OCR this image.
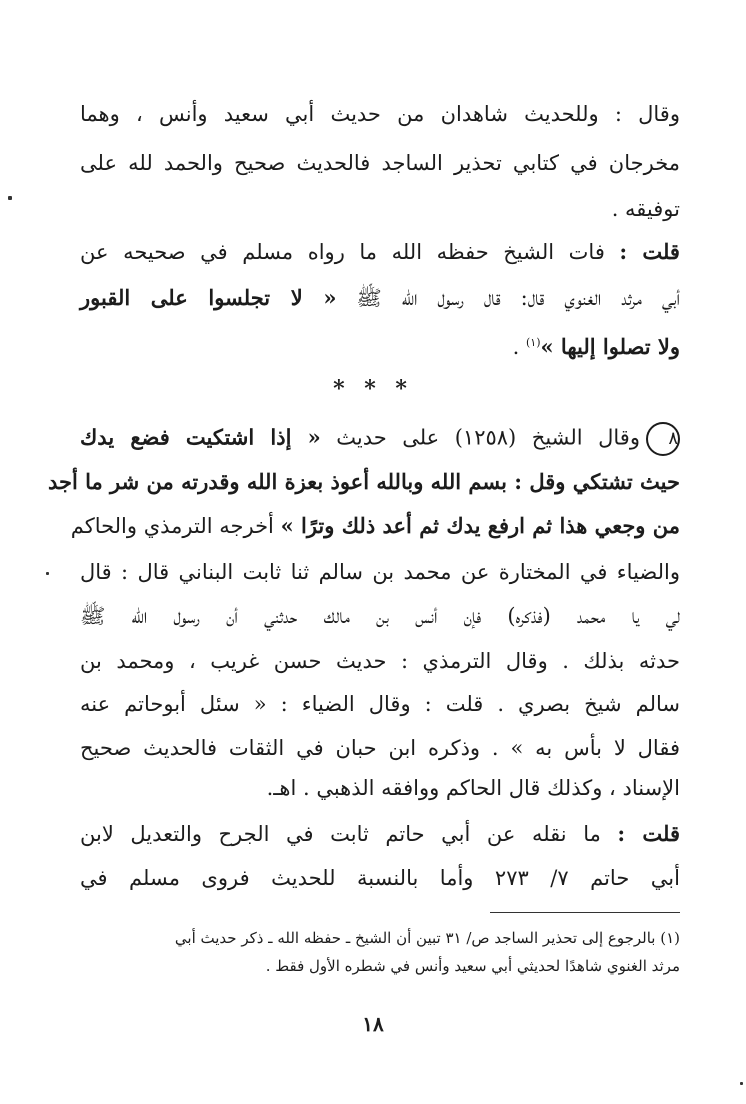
وقال : وللحديث شاهدان من حديث أبي سعيد وأنس ، وهما
مخرجان في كتابي تحذير الساجد فالحديث صحيح والحمد لله على
توفيقه .
قلت : فات الشيخ حفظه الله ما رواه مسلم في صحيحه عن
أبي مرثد الغنوي قال: قال رسول الله ﷺ « لا تجلسوا على القبور
ولا تصلوا إليها »$^{(١)}$ .
* * *
٨وقال الشيخ (١٢٥٨) على حديث « إذا اشتكيت فضع يدك
حيث تشتكي وقل : بسم الله وبالله أعوذ بعزة الله وقدرته من شر ما أجد
من وجعي هذا ثم ارفع يدك ثم أعد ذلك وترًا » أخرجه الترمذي والحاكم
والضياء في المختارة عن محمد بن سالم ثنا ثابت البناني قال : قال
لي يا محمد (فذكره) فإن أنس بن مالك حدثني أن رسول الله ﷺ
حدثه بذلك . وقال الترمذي : حديث حسن غريب ، ومحمد بن
سالم شيخ بصري . قلت : وقال الضياء : « سئل أبوحاتم عنه
فقال لا بأس به » . وذكره ابن حبان في الثقات فالحديث صحيح
الإسناد ، وكذلك قال الحاكم ووافقه الذهبي . اهـ.
قلت : ما نقله عن أبي حاتم ثابت في الجرح والتعديل لابن
أبي حاتم ٧/ ٢٧٣ وأما بالنسبة للحديث فروى مسلم في
(١) بالرجوع إلى تحذير الساجد ص/ ٣١ تبين أن الشيخ ـ حفظه الله ـ ذكر حديث أبي
مرثد الغنوي شاهدًا لحديثي أبي سعيد وأنس في شطره الأول فقط .
١٨
